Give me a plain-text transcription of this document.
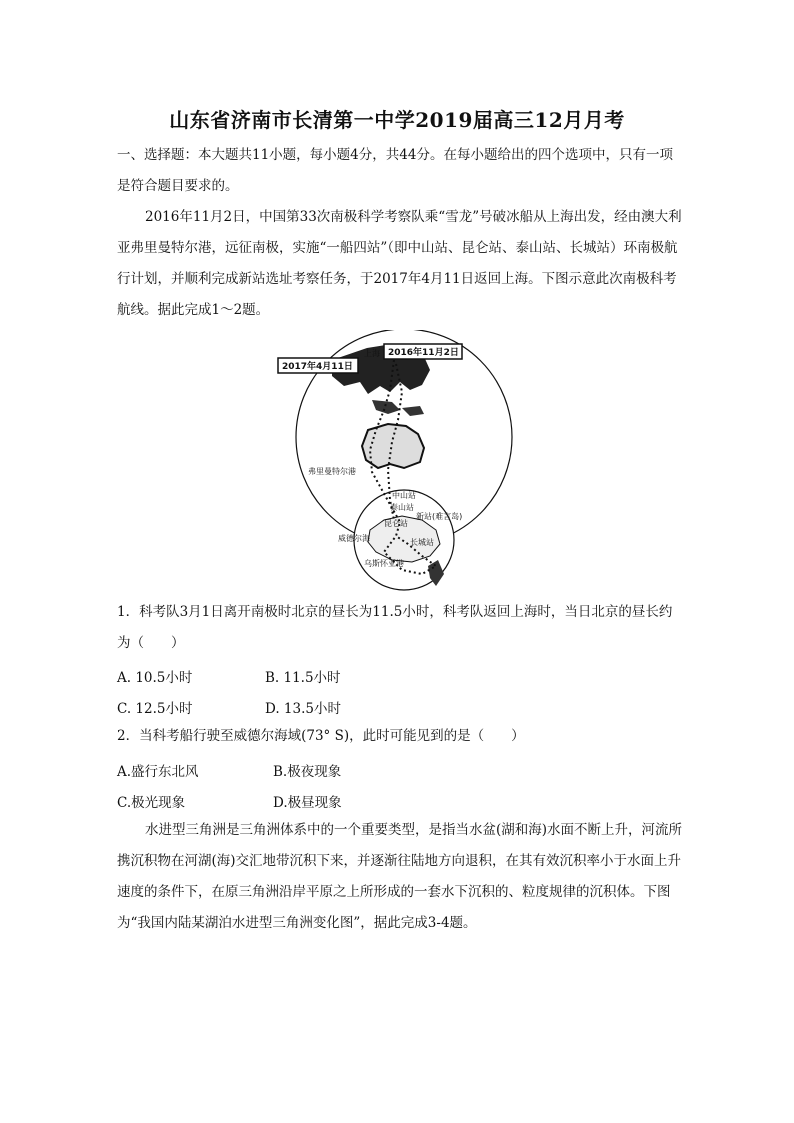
山东省济南市长清第一中学2019届高三12月月考
一、选择题：本大题共11小题，每小题4分，共44分。在每小题给出的四个选项中，只有一项是符合题目要求的。
2016年11月2日，中国第33次南极科学考察队乘“雪龙”号破冰船从上海出发，经由澳大利亚弗里曼特尔港，远征南极，实施“一船四站”（即中山站、昆仑站、泰山站、长城站）环南极航行计划，并顺利完成新站选址考察任务，于2017年4月11日返回上海。下图示意此次南极科考航线。据此完成1～2题。
2017年4月11日
2016年11月2日
上海
弗里曼特尔港
中山站
泰山站
新站(难言岛)
昆仑站
威德尔海	长城站
乌斯怀亚港
1．科考队3月1日离开南极时北京的昼长为11.5小时，科考队返回上海时，当日北京的昼长约为（　　）
A. 10.5小时	B. 11.5小时
C. 12.5小时	D. 13.5小时
2．当科考船行驶至威德尔海域(73° S)，此时可能见到的是（　　）
A.盛行东北风	B.极夜现象
C.极光现象	D.极昼现象
水进型三角洲是三角洲体系中的一个重要类型，是指当水盆(湖和海)水面不断上升，河流所携沉积物在河湖(海)交汇地带沉积下来，并逐渐往陆地方向退积，在其有效沉积率小于水面上升速度的条件下，在原三角洲沿岸平原之上所形成的一套水下沉积的、粒度规律的沉积体。下图为“我国内陆某湖泊水进型三角洲变化图”，据此完成3-4题。
